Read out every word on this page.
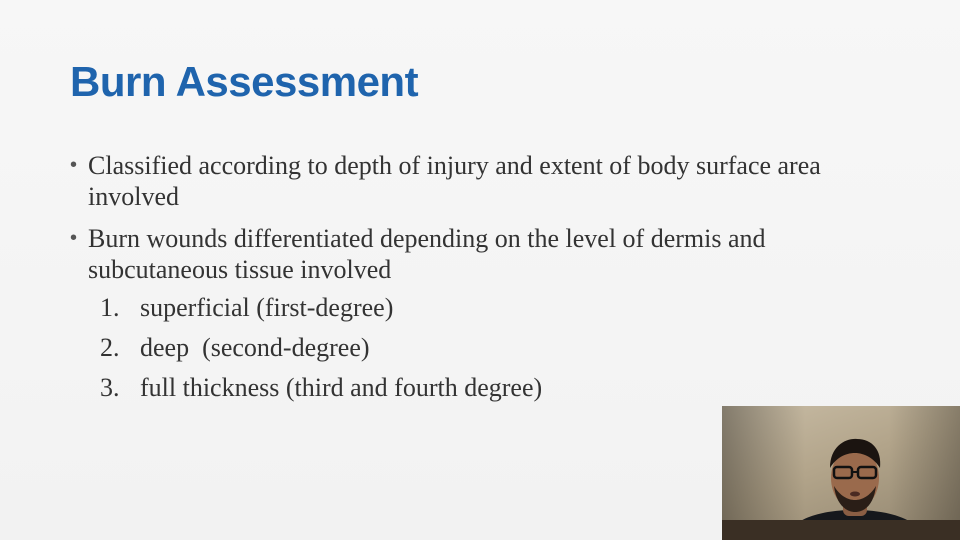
Burn Assessment
• Classified according to depth of injury and extent of body surface area involved
• Burn wounds differentiated depending on the level of dermis and subcutaneous tissue involved
1. superficial (first-degree)
2. deep  (second-degree)
3. full thickness (third and fourth degree)
